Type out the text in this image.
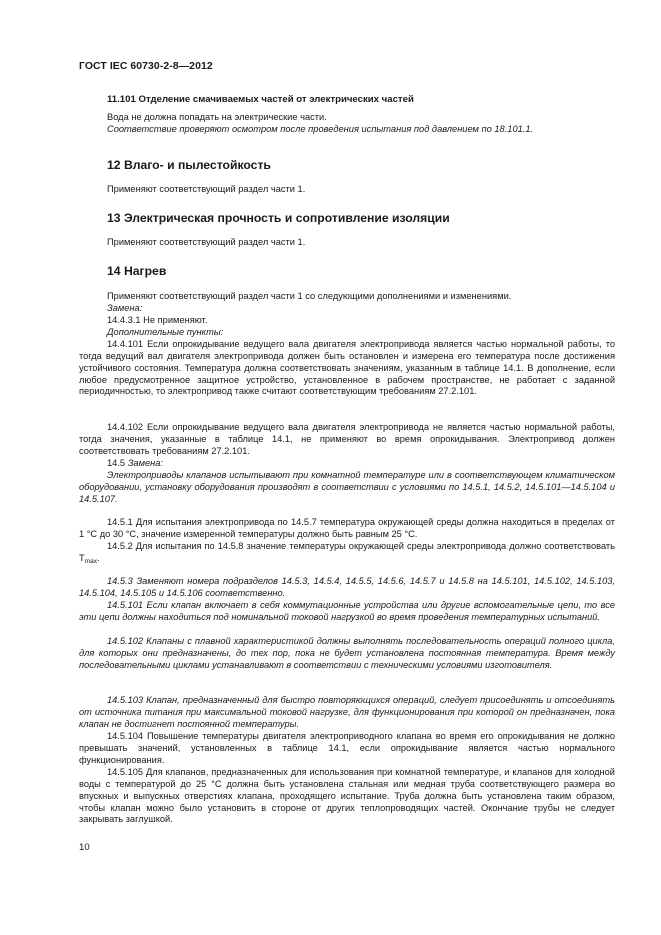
ГОСТ IEC 60730-2-8—2012
11.101 Отделение смачиваемых частей от электрических частей
Вода не должна попадать на электрические части.
Соответствие проверяют осмотром после проведения испытания под давлением по 18.101.1.
12 Влаго- и пылестойкость
Применяют соответствующий раздел части 1.
13 Электрическая прочность и сопротивление изоляции
Применяют соответствующий раздел части 1.
14 Нагрев
Применяют соответствующий раздел части 1 со следующими дополнениями и изменениями.
Замена:
14.4.3.1 Не применяют.
Дополнительные пункты:
14.4.101 Если опрокидывание ведущего вала двигателя электропривода является частью нормальной работы, то тогда ведущий вал двигателя электропривода должен быть остановлен и измерена его температура после достижения устойчивого состояния. Температура должна соответствовать значениям, указанным в таблице 14.1. В дополнение, если любое предусмотренное защитное устройство, установленное в рабочем пространстве, не работает с заданной периодичностью, то электропривод также считают соответствующим требованиям 27.2.101.
14.4.102 Если опрокидывание ведущего вала двигателя электропривода не является частью нормальной работы, тогда значения, указанные в таблице 14.1, не применяют во время опрокидывания. Электропривод должен соответствовать требованиям 27.2.101.
14.5 Замена:
Электроприводы клапанов испытывают при комнатной температуре или в соответствующем климатическом оборудовании, установку оборудования производят в соответствии с условиями по 14.5.1, 14.5.2, 14.5.101—14.5.104 и 14.5.107.
14.5.1 Для испытания электропривода по 14.5.7 температура окружающей среды должна находиться в пределах от 1 °С до 30 °С, значение измеренной температуры должно быть равным 25 °С.
14.5.2 Для испытания по 14.5.8 значение температуры окружающей среды электропривода должно соответствовать $T_{max}$.
14.5.3 Заменяют номера подразделов 14.5.3, 14.5.4, 14.5.5, 14.5.6, 14.5.7 и 14.5.8 на 14.5.101, 14.5.102, 14.5.103, 14.5.104, 14.5.105 и 14.5.106 соответственно.
14.5.101 Если клапан включает в себя коммутационные устройства или другие вспомогательные цепи, то все эти цепи должны находиться под номинальной токовой нагрузкой во время проведения температурных испытаний.
14.5.102 Клапаны с плавной характеристикой должны выполнять последовательность операций полного цикла, для которых они предназначены, до тех пор, пока не будет установлена постоянная температура. Время между последовательными циклами устанавливают в соответствии с техническими условиями изготовителя.
14.5.103 Клапан, предназначенный для быстро повторяющихся операций, следует присоединять и отсоединять от источника питания при максимальной токовой нагрузке, для функционирования при которой он предназначен, пока клапан не достигнет постоянной температуры.
14.5.104 Повышение температуры двигателя электроприводного клапана во время его опрокидывания не должно превышать значений, установленных в таблице 14.1, если опрокидывание является частью нормального функционирования.
14.5.105 Для клапанов, предназначенных для использования при комнатной температуре, и клапанов для холодной воды с температурой до 25 °С должна быть установлена стальная или медная труба соответствующего размера во впускных и выпускных отверстиях клапана, проходящего испытание. Труба должна быть установлена таким образом, чтобы клапан можно было установить в стороне от других теплопроводящих частей. Окончание трубы не следует закрывать заглушкой.
10
